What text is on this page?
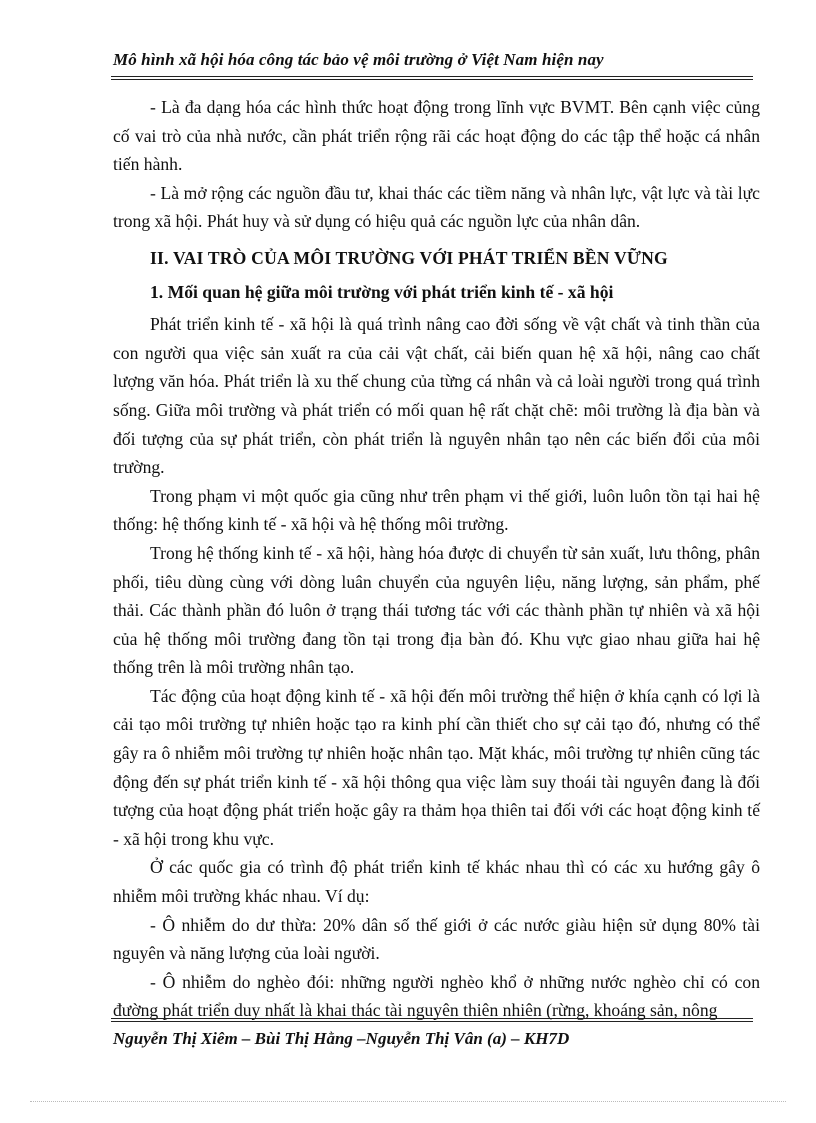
Mô hình xã hội hóa công tác bảo vệ môi trường ở Việt Nam hiện nay

- Là đa dạng hóa các hình thức hoạt động trong lĩnh vực BVMT. Bên cạnh việc củng cố vai trò của nhà nước, cần phát triển rộng rãi các hoạt động do các tập thể hoặc cá nhân tiến hành.

- Là mở rộng các nguồn đầu tư, khai thác các tiềm năng và nhân lực, vật lực và tài lực trong xã hội. Phát huy và sử dụng có hiệu quả các nguồn lực của nhân dân.

II. VAI TRÒ CỦA MÔI TRƯỜNG VỚI PHÁT TRIỂN BỀN VỮNG

1. Mối quan hệ giữa môi trường với phát triển kinh tế - xã hội

Phát triển kinh tế - xã hội là quá trình nâng cao đời sống về vật chất và tinh thần của con người qua việc sản xuất ra của cải vật chất, cải biến quan hệ xã hội, nâng cao chất lượng văn hóa. Phát triển là xu thế chung của từng cá nhân và cả loài người trong quá trình sống. Giữa môi trường và phát triển có mối quan hệ rất chặt chẽ: môi trường là địa bàn và đối tượng của sự phát triển, còn phát triển là nguyên nhân tạo nên các biến đổi của môi trường.

Trong phạm vi một quốc gia cũng như trên phạm vi thế giới, luôn luôn tồn tại hai hệ thống: hệ thống kinh tế - xã hội và hệ thống môi trường.

Trong hệ thống kinh tế - xã hội, hàng hóa được di chuyển từ sản xuất, lưu thông, phân phối, tiêu dùng cùng với dòng luân chuyển của nguyên liệu, năng lượng, sản phẩm, phế thải. Các thành phần đó luôn ở trạng thái tương tác với các thành phần tự nhiên và xã hội của hệ thống môi trường đang tồn tại trong địa bàn đó. Khu vực giao nhau giữa hai hệ thống trên là môi trường nhân tạo.

Tác động của hoạt động kinh tế - xã hội đến môi trường thể hiện ở khía cạnh có lợi là cải tạo môi trường tự nhiên hoặc tạo ra kinh phí cần thiết cho sự cải tạo đó, nhưng có thể gây ra ô nhiễm môi trường tự nhiên hoặc nhân tạo. Mặt khác, môi trường tự nhiên cũng tác động đến sự phát triển kinh tế - xã hội thông qua việc làm suy thoái tài nguyên đang là đối tượng của hoạt động phát triển hoặc gây ra thảm họa thiên tai đối với các hoạt động kinh tế - xã hội trong khu vực.

Ở các quốc gia có trình độ phát triển kinh tế khác nhau thì có các xu hướng gây ô nhiễm môi trường khác nhau. Ví dụ:

- Ô nhiễm do dư thừa: 20% dân số thế giới ở các nước giàu hiện sử dụng 80% tài nguyên và năng lượng của loài người.

- Ô nhiễm do nghèo đói: những người nghèo khổ ở những nước nghèo chỉ có con đường phát triển duy nhất là khai thác tài nguyên thiên nhiên (rừng, khoáng sản, nông

Nguyễn Thị Xiêm – Bùi Thị Hằng –Nguyễn Thị Vân (a) – KH7D
